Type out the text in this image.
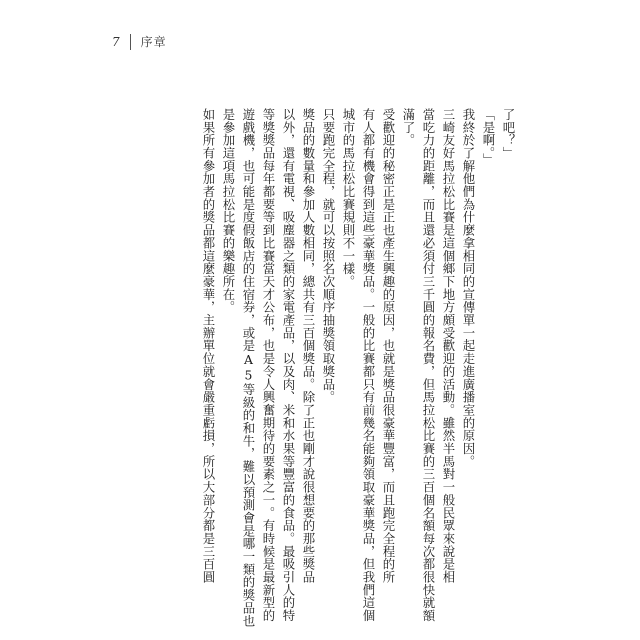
7 序章
了吧？」
「是啊。」
我終於了解他們為什麼拿相同的宣傳單一起走進廣播室的原因。
三崎友好馬拉松比賽是這個鄉下地方頗受歡迎的活動。雖然半馬對一般民眾來說是相
當吃力的距離，而且還必須付三千圓的報名費，但馬拉松比賽的三百個名額每次都很快就額
滿了。
受歡迎的秘密正是正也產生興趣的原因，也就是獎品很豪華豐富，而且跑完全程的所
有人都有機會得到這些豪華獎品。一般的比賽都只有前幾名能夠領取豪華獎品，但我們這個
城市的馬拉松比賽規則不一樣。
只要跑完全程，就可以按照名次順序抽獎領取獎品。
獎品的數量和參加人數相同，總共有三百個獎品。除了正也剛才說很想要的那些獎品
以外，還有電視、吸塵器之類的家電產品，以及肉、米和水果等豐富的食品。最吸引人的特
等獎獎品每年都要等到比賽當天才公布，也是令人興奮期待的要素之一。有時候是最新型的
遊戲機，也可能是度假飯店的住宿券，或是A5等級的和牛，難以預測會是哪一類的獎品也
是參加這項馬拉松比賽的樂趣所在。
如果所有參加者的獎品都這麼豪華，主辦單位就會嚴重虧損，所以大部分都是三百圓
